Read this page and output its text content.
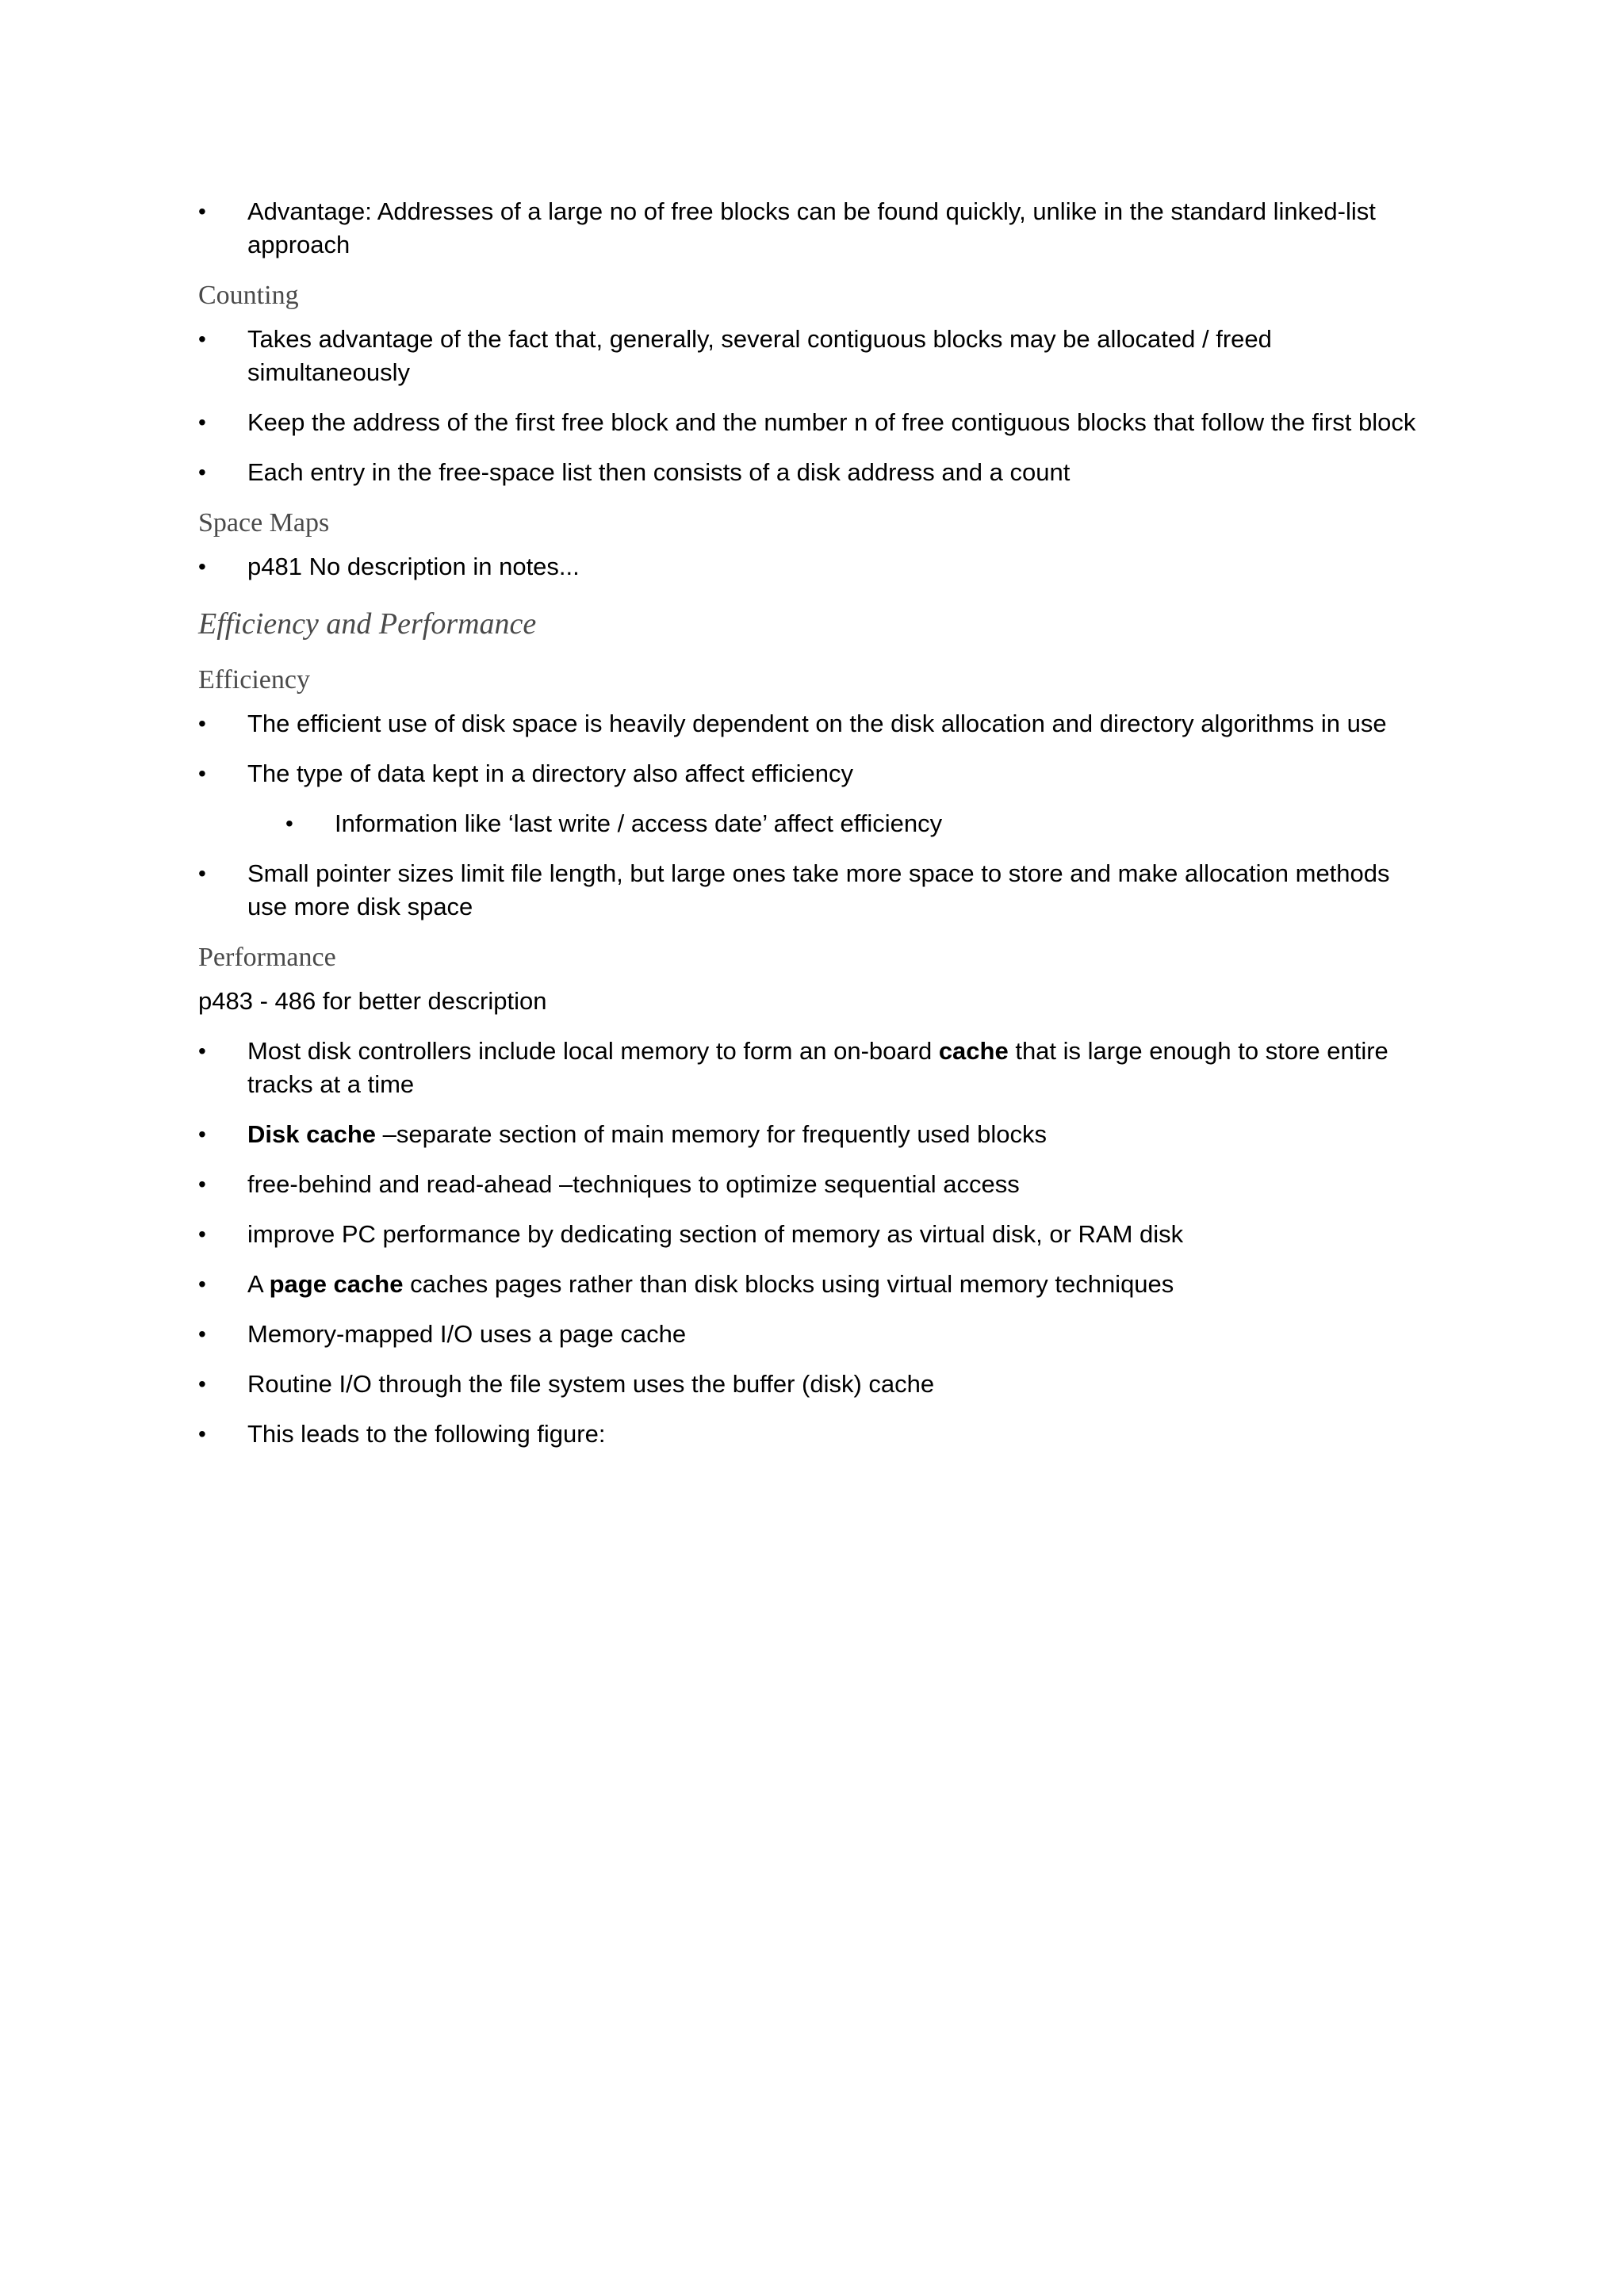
•	Advantage: Addresses of a large no of free blocks can be found quickly, unlike in the standard linked-list approach
Counting
•	Takes advantage of the fact that, generally, several contiguous blocks may be allocated / freed simultaneously
•	Keep the address of the first free block and the number n of free contiguous blocks that follow the first block
•	Each entry in the free-space list then consists of a disk address and a count
Space Maps
•	p481 No description in notes...
Efficiency and Performance
Efficiency
•	The efficient use of disk space is heavily dependent on the disk allocation and directory algorithms in use
•	The type of data kept in a directory also affect efficiency
•	Information like ‘last write / access date’ affect efficiency
•	Small pointer sizes limit file length, but large ones take more space to store and make allocation methods use more disk space
Performance
p483 - 486 for better description
•	Most disk controllers include local memory to form an on-board cache that is large enough to store entire tracks at a time
•	Disk cache –separate section of main memory for frequently used blocks
•	free-behind and read-ahead –techniques to optimize sequential access
•	improve PC performance by dedicating section of memory as virtual disk, or RAM disk
•	A page cache caches pages rather than disk blocks using virtual memory techniques
•	Memory-mapped I/O uses a page cache
•	Routine I/O through the file system uses the buffer (disk) cache
•	This leads to the following figure:
